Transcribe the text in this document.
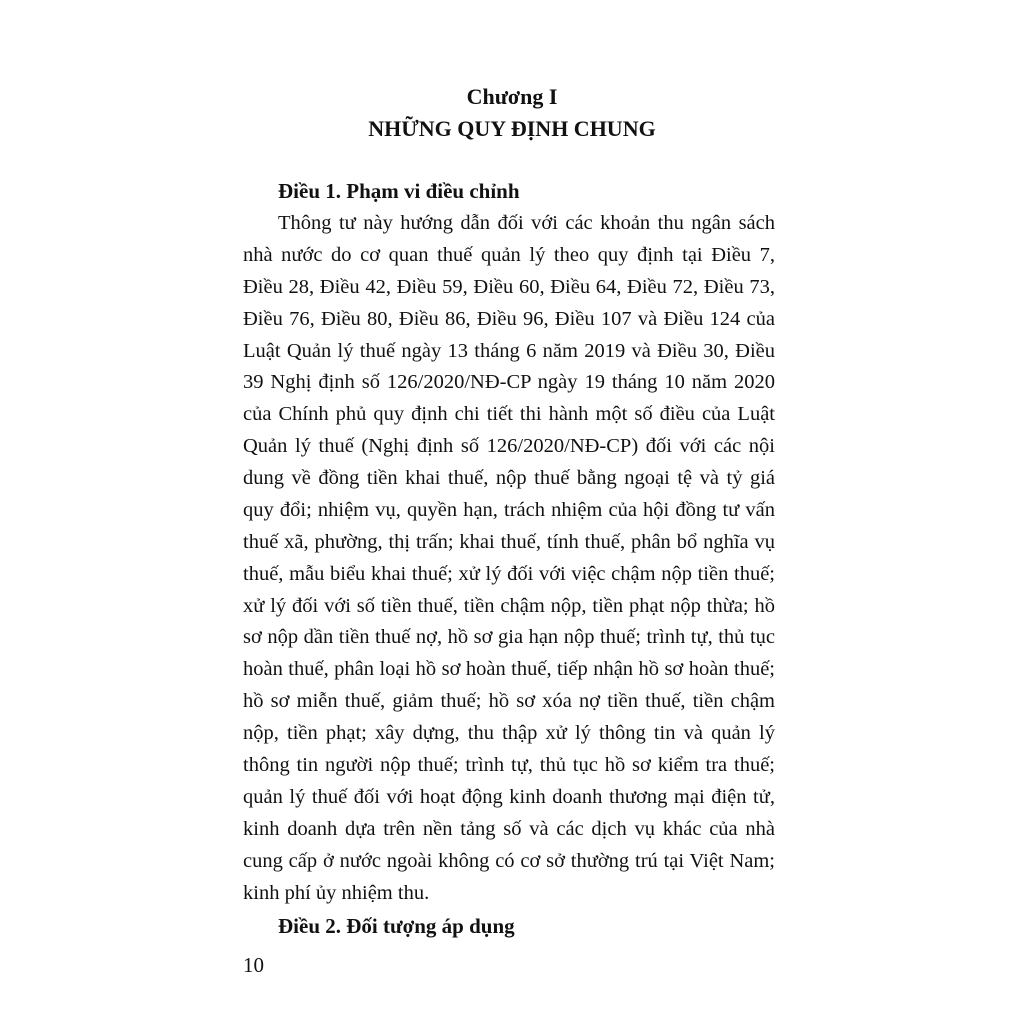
Chương I
NHỮNG QUY ĐỊNH CHUNG
Điều 1. Phạm vi điều chỉnh
Thông tư này hướng dẫn đối với các khoản thu ngân sách
nhà nước do cơ quan thuế quản lý theo quy định tại Điều 7,
Điều 28, Điều 42, Điều 59, Điều 60, Điều 64, Điều 72, Điều 73,
Điều 76, Điều 80, Điều 86, Điều 96, Điều 107 và Điều 124 của
Luật Quản lý thuế ngày 13 tháng 6 năm 2019 và Điều 30, Điều
39 Nghị định số 126/2020/NĐ-CP ngày 19 tháng 10 năm 2020
của Chính phủ quy định chi tiết thi hành một số điều của Luật
Quản lý thuế (Nghị định số 126/2020/NĐ-CP) đối với các nội
dung về đồng tiền khai thuế, nộp thuế bằng ngoại tệ và tỷ giá
quy đổi; nhiệm vụ, quyền hạn, trách nhiệm của hội đồng tư vấn
thuế xã, phường, thị trấn; khai thuế, tính thuế, phân bổ nghĩa vụ
thuế, mẫu biểu khai thuế; xử lý đối với việc chậm nộp tiền thuế;
xử lý đối với số tiền thuế, tiền chậm nộp, tiền phạt nộp thừa; hồ
sơ nộp dần tiền thuế nợ, hồ sơ gia hạn nộp thuế; trình tự, thủ tục
hoàn thuế, phân loại hồ sơ hoàn thuế, tiếp nhận hồ sơ hoàn thuế;
hồ sơ miễn thuế, giảm thuế; hồ sơ xóa nợ tiền thuế, tiền chậm
nộp, tiền phạt; xây dựng, thu thập xử lý thông tin và quản lý
thông tin người nộp thuế; trình tự, thủ tục hồ sơ kiểm tra thuế;
quản lý thuế đối với hoạt động kinh doanh thương mại điện tử,
kinh doanh dựa trên nền tảng số và các dịch vụ khác của nhà
cung cấp ở nước ngoài không có cơ sở thường trú tại Việt Nam;
kinh phí ủy nhiệm thu.
Điều 2. Đối tượng áp dụng
10
